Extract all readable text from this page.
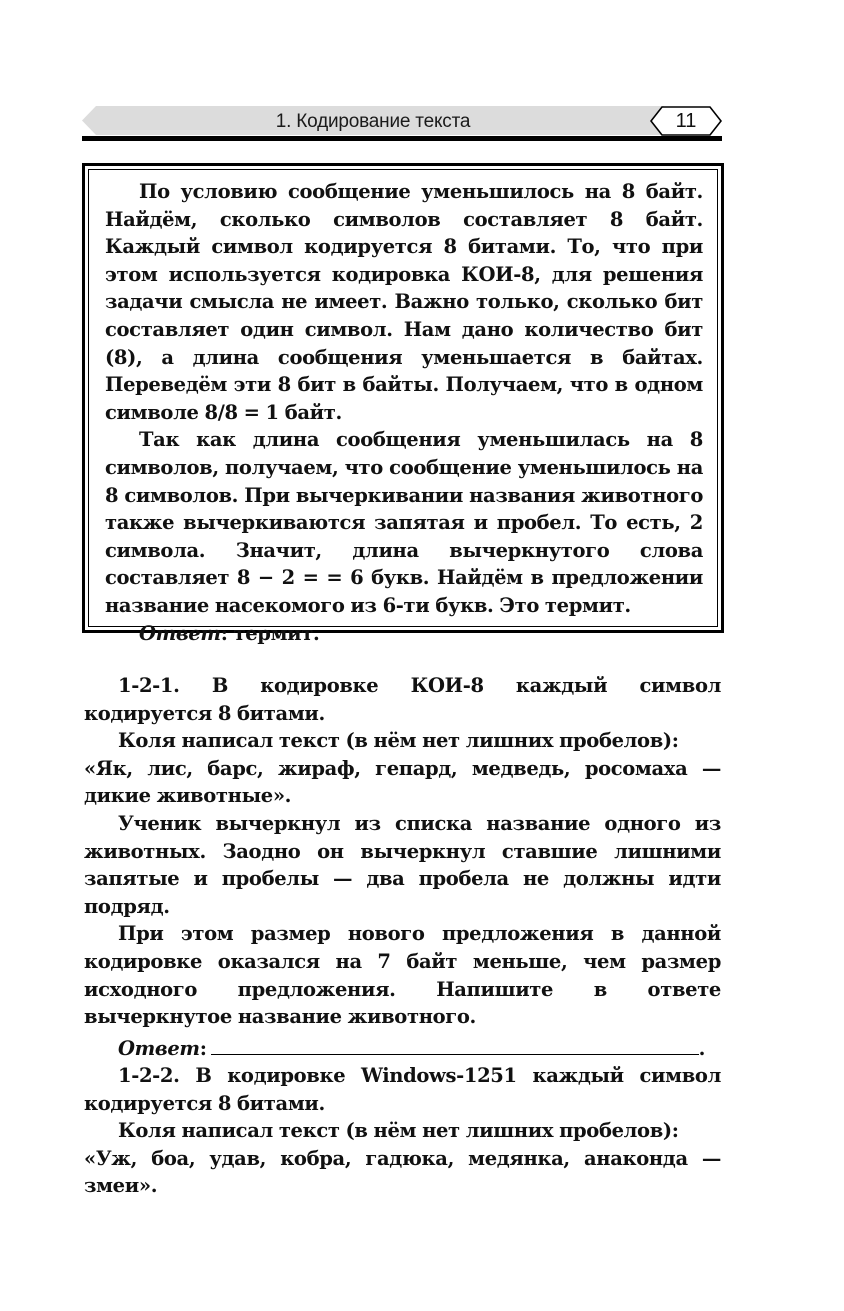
1. Кодирование текста	11

По условию сообщение уменьшилось на 8 байт. Найдём, сколько символов составляет 8 байт. Каждый символ кодируется 8 битами. То, что при этом используется кодировка КОИ-8, для решения задачи смысла не имеет. Важно только, сколько бит составляет один символ. Нам дано количество бит (8), а длина сообщения уменьшается в байтах. Переведём эти 8 бит в байты. Получаем, что в одном символе 8/8 = 1 байт.

Так как длина сообщения уменьшилась на 8 символов, получаем, что сообщение уменьшилось на 8 символов. При вычеркивании названия животного также вычеркиваются запятая и пробел. То есть, 2 символа. Значит, длина вычеркнутого слова составляет 8 − 2 = = 6 букв. Найдём в предложении название насекомого из 6-ти букв. Это термит.

Ответ: термит.

1-2-1. В кодировке КОИ-8 каждый символ кодируется 8 битами.

Коля написал текст (в нём нет лишних пробелов):

«Як, лис, барс, жираф, гепард, медведь, росомаха — дикие животные».

Ученик вычеркнул из списка название одного из животных. Заодно он вычеркнул ставшие лишними запятые и пробелы — два пробела не должны идти подряд.

При этом размер нового предложения в данной кодировке оказался на 7 байт меньше, чем размер исходного предложения. Напишите в ответе вычеркнутое название животного.

Ответ:	.

1-2-2. В кодировке Windows-1251 каждый символ кодируется 8 битами.

Коля написал текст (в нём нет лишних пробелов):

«Уж, боа, удав, кобра, гадюка, медянка, анаконда — змеи».
